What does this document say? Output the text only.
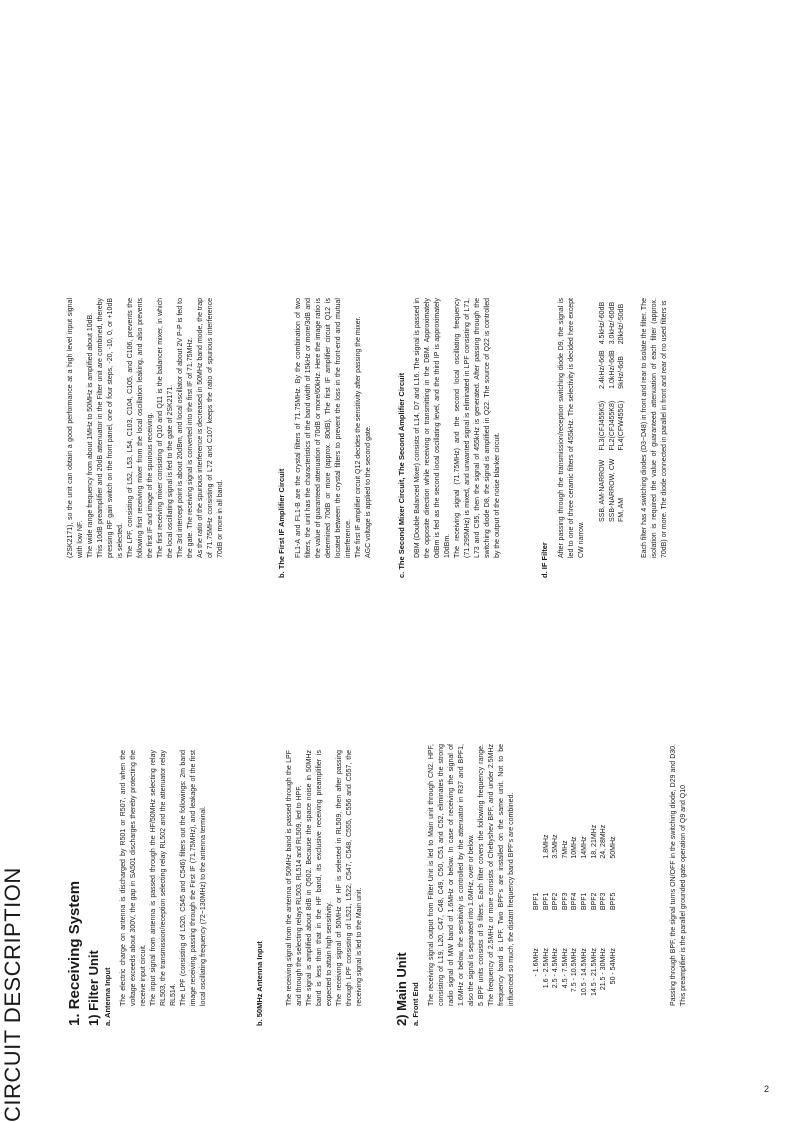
CIRCUIT DESCRIPTION	1. Receiving System 1) Filter Unit a. Antenna Input The electric charge on antenna is discharged by R501 or R507, and when the voltage exceeds about 300V, the gap in SA501 discharges thereby protecting the receive input circuit. The input signal from antenna is passed through the HF/50MHz selecting relay RL503, the transmission/reception selecting relay RL502 and the attenuator relay RL514. The LPF (consisting of L520, C545 and C546) filters out the followings: 2m band image receiving, passing through the First IF (71.75MHz), and leakage of the first local oscillating frequency (72~130MHz) to the antenna terminal.	b. 50MHz Antenna Input	The receiving signal from the antenna of 50MHz band is passed through the LPF and through the selecting relays RL503, RL514 and RL509, led to HPF. The signal is amplified about 8dB in Q502. Because the space noise in 50MHz band is less than that in the HF band, its exclusive receiving preamplifier is expected to attain high sensitivity. The receiving signal of 50MHz or HF is selected in RL509, then after passing through LPF consisting of L521, L522, C547, C548, C555, C556 and C557, the receiving signal is led to the Main unit. 2) Main Unit a. Front End The receiving signal output from Filter Unit is led to Main unit through CN2. HPF, consisting of L19, L20, C47, C48, C49, C50, C51 and C52, eliminates the strong radio signal of MW band of 1.6MHz or below. In case of receiving the signal of 1.6MHz or below, the sensitivity is controlled by the attenuator in R37 and BPF1, also the signal is separated into 1.6MHz, over or below. 5 BPF units consists of 9 filters. Each filter covers the following frequency range. The frequency of 2.5MHz or more consists of Chebyshev BPF, and under 2.5MHz frequency band is LPF. Two BPF's are installed on the same unit. Not to be influenced so much, the distant frequency band BPF's are combined.	- 1.6MHz	BPF1	
1.6 - 2.5MHz	BPF1	1.8MHz
2.5 - 4.5MHz	BPF2	3.5MHz
4.5 - 7.5MHz	BPF3	7MHz
7.5 - 10.5MHz	BPF4	10MHz
10.5 - 14.5MHz	BPF1	14MHz
14.5 - 21.5MHz	BPF2	18, 21MHz
21.5 - 30MHz	BPF3	24, 28MHz
50 - 54MHz	BPF5	50MHz	Passing through BPF, the signal turns ON/OFF in the switching diode, D29 and D30. This preamplifier is the parallel grounded gate operation of Q9 and Q10

(2SK2171), so the unit can obtain a good performance at a high level input signal with low NF. The wide range frequency from about 1MHz to 50MHz is amplified about 10dB. This 10dB preamplifier and 20dB attenuator in the Filter unit are combined, thereby pressing RF gain switch on the front panel, one of four steps, -20, -10, 0, or +10dB is selected. The LPF, consisting of L52, L53, L54, C103, C104, C105, and C106, prevents the following first receiving mixer from the local oscillation leaking, and also prevents the first IF and image of the spurious receiving. The first receiving mixer consisting of Q10 and Q11 is the balancer mixer, in which the local oscillating signal is fed to the gate of 2SK2171. The 3rd intercept point is about 20dBm, and local oscillator of about 2V P-P is fed to the gate. The receiving signal is converted into the first IF of 71.75MHz. As the ratio of the spurious interference is decreased in 50MHz band mode, the trap of 71.75MHz consisting of L72 and C107 keeps the ratio of spurious interference 70dB or more in all band.	b. The First IF Amplifier Circuit FL1-A and FL1-B are the crystal filters of 71.75MHz. By the combination of two filters, the unit has the characteristics of the band width of 15kHz or more/3dB and the value of guaranteed attenuation of 70dB or more/60kHz. Here the image ratio is determined 70dB or more (approx. 80dB). The first IF amplifier circuit Q12 is located between the crystal filters to prevent the loss in the front-end and mutual interference. The first IF amplifier circuit Q12 decides the sensitivity after passing the mixer. AGC voltage is applied to the second gate.	c. The Second Mixer Circuit, The Second Amplifier Circuit DBM (Double Balanced Mixer) consists of L14, D7 and L16. The signal is passed in the opposite direction while receiving or transmitting in the DBM. Approximately 0dBm is fed as the second local oscillating level, and the third IP is approximately 10dBm. The receiving signal (71.75MHz) and the second local oscillating frequency (71.295MHz) is mixed, and unwanted signal is eliminated in LPF consisting of L71, L73 and C95, then the signal of 455kHz is generated. After passing through the switching diode D8, the signal is amplified in Q22. The source of Q22 is controlled by the output of the noise blanker circuit.

d. IF Filter

After passing through the transmission/reception switching diode D9, the signal is led to one of three ceramic filters of 455kHz. The selectivity is decided here except CW narrow.

SSB, AM-NARROW	FL3(CFJ455K5)	2.4kHz/-6dB	4.5kHz/-60dB
SSB-NARROW, CW	FL2(CFJ455K8)	1.0kHz/-6dB	3.0kHz/-60dB
FM, AM	FL4(CFW455G)	9kHz/-6dB	20kHz/-50dB Each filter has 4 switching diodes (D3~D48) in front and rear to isolate the filter. The isolation is required the value of guaranteed attenuation of each filter (approx. 70dB) or more. The diode connected in parallel in front and rear of no used filters is

2
